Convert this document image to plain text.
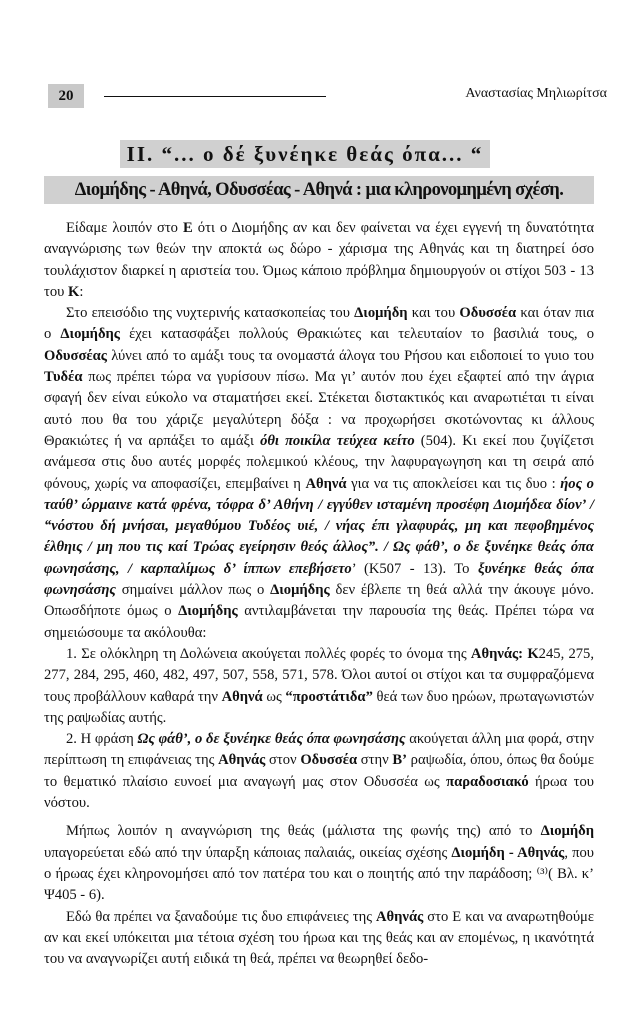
20	Αναστασίας Μηλιωρίτσα
ΙΙ. “... ο δέ ξυνέηκε θεάς όπα... “
Διομήδης - Αθηνά, Οδυσσέας - Αθηνά : μια κληρονομημένη σχέση.

Είδαμε λοιπόν στο Ε ότι ο Διομήδης αν και δεν φαίνεται να έχει εγγενή τη δυνατότητα αναγνώρισης των θεών την αποκτά ως δώρο - χάρισμα της Αθηνάς και τη διατηρεί όσο τουλάχιστον διαρκεί η αριστεία του. Όμως κάποιο πρόβλημα δημιουργούν οι στίχοι 503 - 13 του Κ:

Στο επεισόδιο της νυχτερινής κατασκοπείας του Διομήδη και του Οδυσσέα και όταν πια ο Διομήδης έχει κατασφάξει πολλούς Θρακιώτες και τελευταίον το βασιλιά τους, ο Οδυσσέας λύνει από το αμάξι τους τα ονομαστά άλογα του Ρήσου και ειδοποιεί το γυιο του Τυδέα πως πρέπει τώρα να γυρίσουν πίσω. Μα γι’ αυτόν που έχει εξαφτεί από την άγρια σφαγή δεν είναι εύκολο να σταματήσει εκεί. Στέκεται διστακτικός και αναρωτιέται τι είναι αυτό που θα του χάριζε μεγαλύτερη δόξα : να προχωρήσει σκοτώνοντας κι άλλους Θρακιώτες ή να αρπάξει το αμάξι όθι ποικίλα τεύχεα κείτο (504). Κι εκεί που ζυγίζετσι ανάμεσα στις δυο αυτές μορφές πολεμικού κλέους, την λαφυραγωγηση και τη σειρά από φόνους, χωρίς να αποφασίζει, επεμβαίνει η Αθηνά για να τις αποκλείσει και τις δυο : ήος ο ταύθ’ ώρμαινε κατά φρένα, τόφρα δ’ Αθήνη / εγγύθεν ισταμένη προσέφη Διομήδεα δίον’ / “νόστου δή μνήσαι, μεγαθύμου Τυδέος υιέ, / νήας έπι γλαφυράς, μη και πεφοβημένος έλθηις / μη πoυ τις καί Τρώας εγείρησιν θεός άλλος”. / Ως φάθ’, ο δε ξυνέηκε θεάς όπα φωνησάσης, / καρπαλίμως δ’ ίππων επεβήσετο’ (Κ507 - 13). Το ξυνέηκε θεάς όπα φωνησάσης σημαίνει μάλλον πως ο Διομήδης δεν έβλεπε τη θεά αλλά την άκουγε μόνο. Οπωσδήποτε όμως ο Διομήδης αντιλαμβάνεται την παρουσία της θεάς. Πρέπει τώρα να σημειώσουμε τα ακόλουθα:

1. Σε ολόκληρη τη Δολώνεια ακούγεται πολλές φορές το όνομα της Αθηνάς: Κ245, 275, 277, 284, 295, 460, 482, 497, 507, 558, 571, 578. Όλοι αυτοί οι στίχοι και τα συμφραζόμενα τους προβάλλουν καθαρά την Αθηνά ως “προστάτιδα” θεά των δυο ηρώων, πρωταγωνιστών της ραψωδίας αυτής.

2. Η φράση Ως φάθ’, ο δε ξυνέηκε θεάς όπα φωνησάσης ακούγεται άλλη μια φορά, στην περίπτωση τη επιφάνειας της Αθηνάς στον Οδυσσέα στην Β’ ραψωδία, όπου, όπως θα δούμε το θεματικό πλαίσιο ευνοεί μια αναγωγή μας στον Οδυσσέα ως παραδοσιακό ήρωα του νόστου.

Μήπως λοιπόν η αναγνώριση της θεάς (μάλιστα της φωνής της) από το Διομήδη υπαγορεύεται εδώ από την ύπαρξη κάποιας παλαιάς, οικείας σχέσης Διομήδη - Αθηνάς, που ο ήρωας έχει κληρονομήσει από τον πατέρα του και ο ποιητής από την παράδοση; ⁽³⁾( Βλ. κ’ Ψ405 - 6).

Εδώ θα πρέπει να ξαναδούμε τις δυο επιφάνειες της Αθηνάς στο Ε και να αναρωτηθούμε αν και εκεί υπόκειται μια τέτοια σχέση του ήρωα και της θεάς και αν επομένως, η ικανότητά του να αναγνωρίζει αυτή ειδικά τη θεά, πρέπει να θεωρηθεί δεδο-
